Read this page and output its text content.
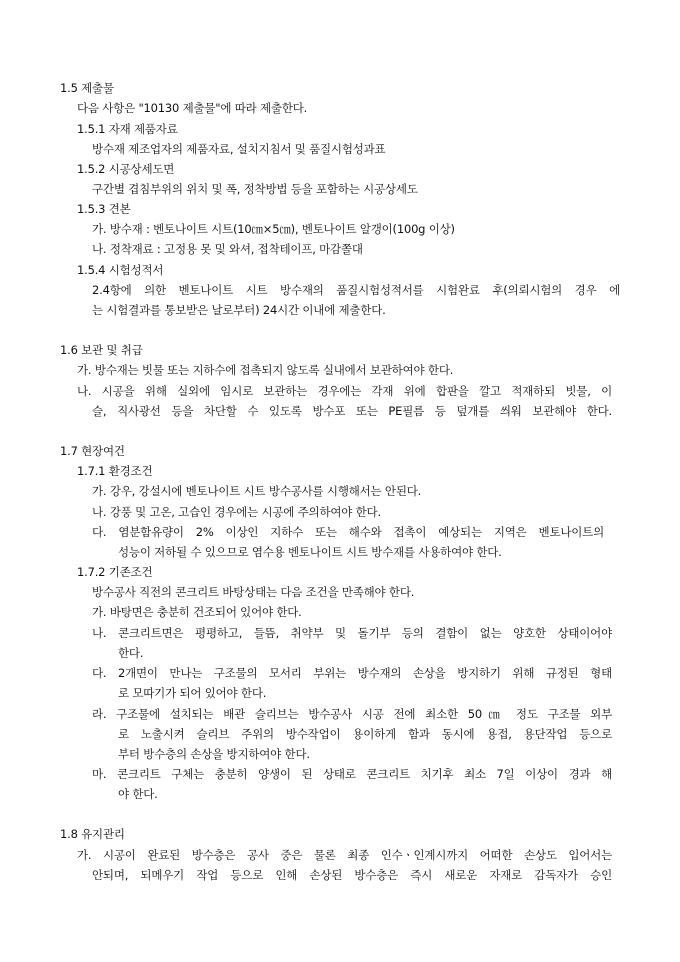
1.5 제출물
다음 사항은 "10130 제출물"에 따라 제출한다.
1.5.1 자재 제품자료
방수재 제조업자의 제품자료, 설치지침서 및 품질시험성과표
1.5.2 시공상세도면
구간별 겹침부위의 위치 및 폭, 정착방법 등을 포함하는 시공상세도
1.5.3 견본
가. 방수재 : 벤토나이트 시트(10㎝×5㎝), 벤토나이트 알갱이(100g 이상)
나. 정착재료 : 고정용 못 및 와셔, 접착테이프, 마감쫄대
1.5.4 시험성적서
2.4항에 의한 벤토나이트 시트 방수재의 품질시험성적서를 시험완료 후(의뢰시험의 경우 에
는 시험결과를 통보받은 날로부터) 24시간 이내에 제출한다.
1.6 보관 및 취급
가. 방수재는 빗물 또는 지하수에 접촉되지 않도록 실내에서 보관하여야 한다.
나. 시공을 위해 실외에 임시로 보관하는 경우에는 각재 위에 합판을 깔고 적재하되 빗물, 이
슬, 직사광선 등을 차단할 수 있도록 방수포 또는 PE필름 등 덮개를 씌워 보관해야 한다.
1.7 현장여건
1.7.1 환경조건
가. 강우, 강설시에 벤토나이트 시트 방수공사를 시행해서는 안된다.
나. 강풍 및 고온, 고습인 경우에는 시공에 주의하여야 한다.
다. 염분함유량이 2% 이상인 지하수 또는 해수와 접촉이 예상되는 지역은 벤토나이트의
성능이 저하될 수 있으므로 염수용 벤토나이트 시트 방수재를 사용하여야 한다.
1.7.2 기존조건
방수공사 직전의 콘크리트 바탕상태는 다음 조건을 만족해야 한다.
가. 바탕면은 충분히 건조되어 있어야 한다.
나. 콘크리트면은 평평하고, 들뜸, 취약부 및 돌기부 등의 결함이 없는 양호한 상태이어야
한다.
다. 2개면이 만나는 구조물의 모서리 부위는 방수재의 손상을 방지하기 위해 규정된 형태
로 모따기가 되어 있어야 한다.
라. 구조물에 설치되는 배관 슬리브는 방수공사 시공 전에 최소한 50㎝ 정도 구조물 외부
로 노출시켜 슬리브 주위의 방수작업이 용이하게 함과 동시에 용접, 용단작업 등으로
부터 방수층의 손상을 방지하여야 한다.
마. 콘크리트 구체는 충분히 양생이 된 상태로 콘크리트 치기후 최소 7일 이상이 경과 해
야 한다.
1.8 유지관리
가. 시공이 완료된 방수층은 공사 중은 물론 최종 인수ㆍ인계시까지 어떠한 손상도 입어서는
안되며, 되메우기 작업 등으로 인해 손상된 방수층은 즉시 새로운 자재로 감독자가 승인
